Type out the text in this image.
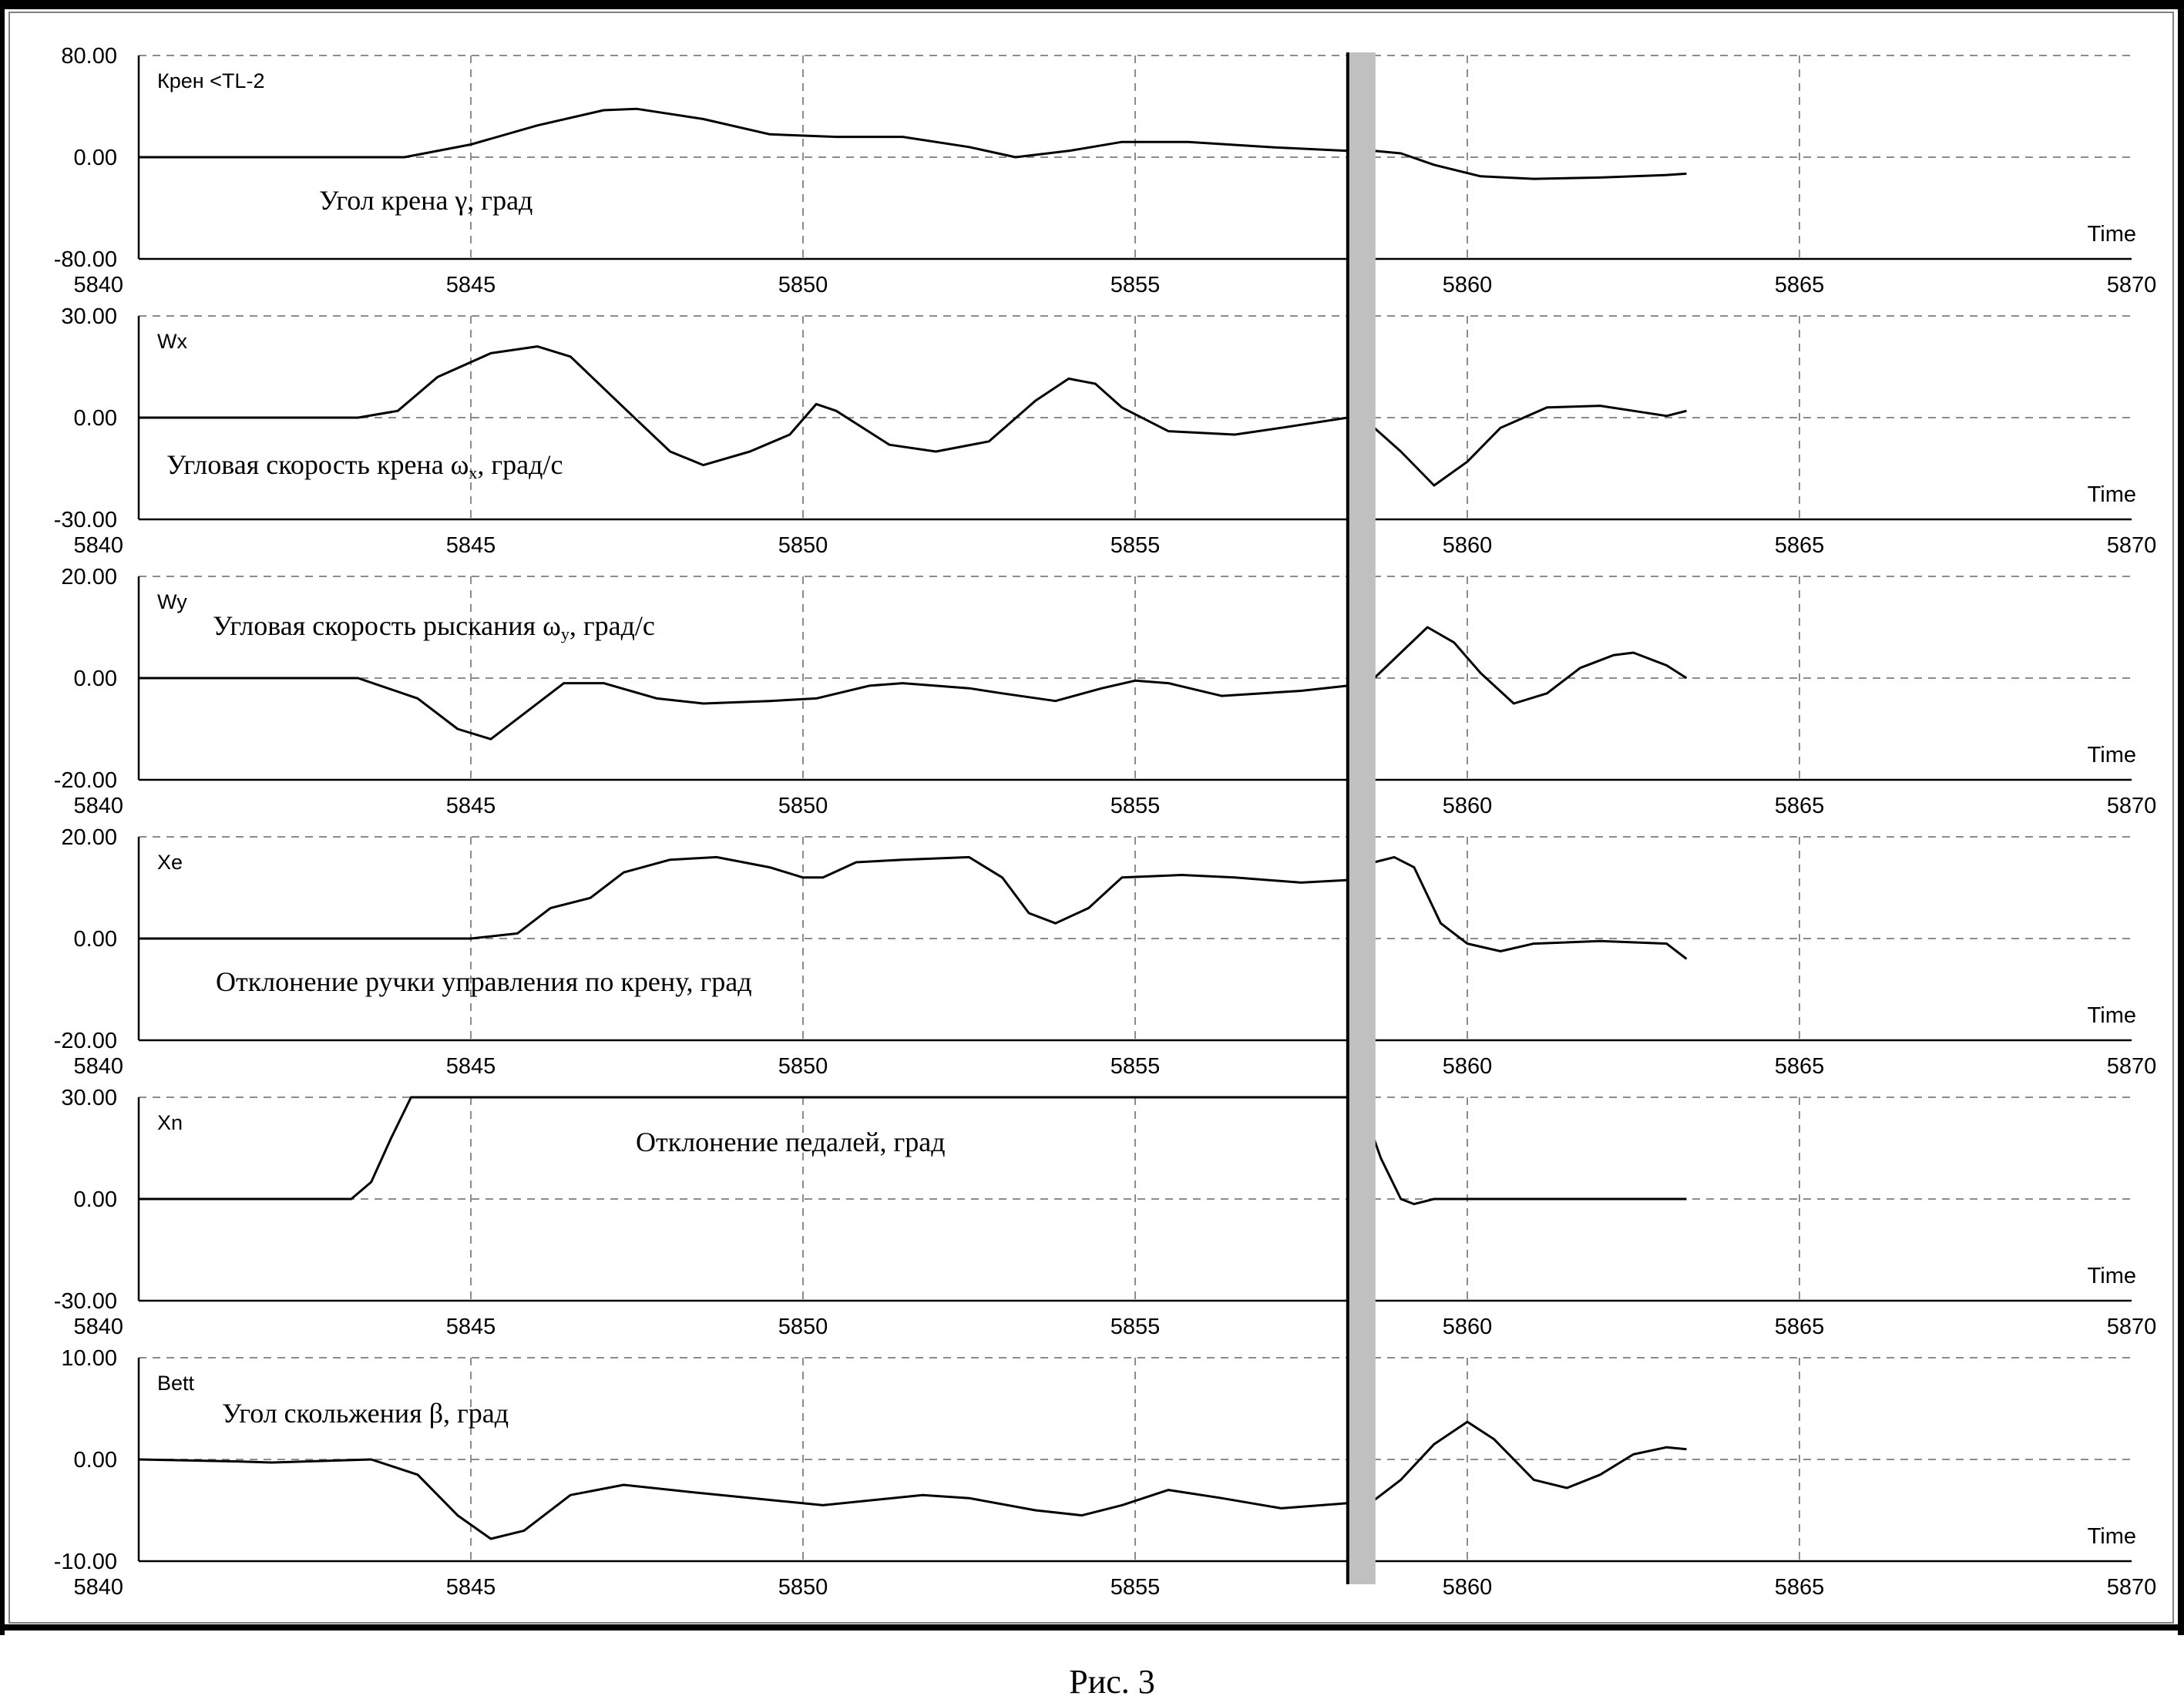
80.00
0.00
-80.00
5840	5845	5850	5855	5860	5865	5870
Time
Крен <TL-2
Угол крена γ, град
30.00
0.00
-30.00
5840	5845	5850	5855	5860	5865	5870
Time
Wx
Угловая скорость крена ωx, град/с
20.00
0.00
-20.00
5840	5845	5850	5855	5860	5865	5870
Time
Wy
Угловая скорость рыскания ωy, град/с
20.00
0.00
-20.00
5840	5845	5850	5855	5860	5865	5870
Time
Xe
Отклонение ручки управления по крену, град
30.00
0.00
-30.00
5840	5845	5850	5855	5860	5865	5870
Time
Xn
Отклонение педалей, град
10.00
0.00
-10.00
5840	5845	5850	5855	5860	5865	5870
Time
Bett
Угол скольжения β, град
Рис. 3
